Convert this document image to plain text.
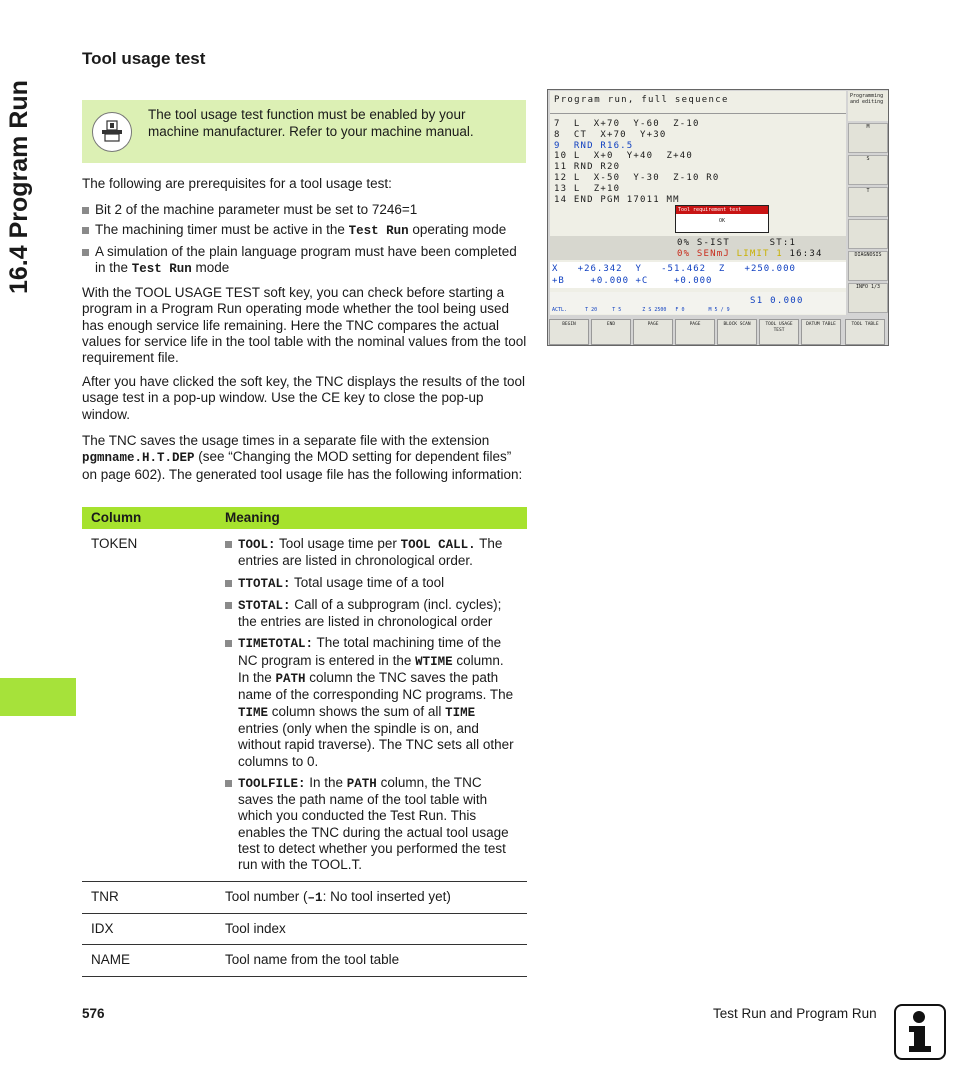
16.4 Program Run
Tool usage test
The tool usage test function must be enabled by your machine manufacturer. Refer to your machine manual.

The following are prerequisites for a tool usage test:

Bit 2 of the machine parameter must be set to 7246=1
The machining timer must be active in the Test Run operating mode
A simulation of the plain language program must have been completed in the Test Run mode

With the TOOL USAGE TEST soft key, you can check before starting a program in a Program Run operating mode whether the tool being used has enough service life remaining. Here the TNC compares the actual values for service life in the tool table with the nominal values from the tool requirement file.

After you have clicked the soft key, the TNC displays the results of the tool usage test in a pop-up window. Use the CE key to close the pop-up window.

The TNC saves the usage times in a separate file with the extension pgmname.H.T.DEP (see “Changing the MOD setting for dependent files” on page 602). The generated tool usage file has the following information:

Column	Meaning
TOKEN	TOOL: Tool usage time per TOOL CALL. The entries are listed in chronological order.
TTOTAL: Total usage time of a tool
STOTAL: Call of a subprogram (incl. cycles); the entries are listed in chronological order
TIMETOTAL: The total machining time of the NC program is entered in the WTIME column. In the PATH column the TNC saves the path name of the corresponding NC programs. The TIME column shows the sum of all TIME entries (only when the spindle is on, and without rapid traverse). The TNC sets all other columns to 0.
TOOLFILE: In the PATH column, the TNC saves the path name of the tool table with which you conducted the Test Run. This enables the TNC during the actual tool usage test to detect whether you performed the test run with the TOOL.T.

TNR	Tool number (–1: No tool inserted yet)
IDX	Tool index
NAME	Tool name from the tool table
Program run, full sequence
7  L  X+70  Y-60  Z-10
8  CT  X+70  Y+30
9  RND R16.5
10 L  X+0  Y+40  Z+40
11 RND R20
12 L  X-50  Y-30  Z-10 R0
13 L  Z+10
14 END PGM 17011 MM
Tool requirement test
OK
0% S-IST      ST:1
0% SENmJ LIMIT 1 16:34
X   +26.342  Y   -51.462  Z   +250.000
+B    +0.000 +C    +0.000
S1 0.000
ACTL.      T 20     T 5       Z S 2500   F 0        M 5 / 9
Programming and editing
M
S
T
DIAGNOSIS
INFO 1/3
BEGIN	END	PAGE	PAGE	BLOCK SCAN	TOOL USAGE TEST
DATUM TABLE	TOOL TABLE
576	Test Run and Program Run
